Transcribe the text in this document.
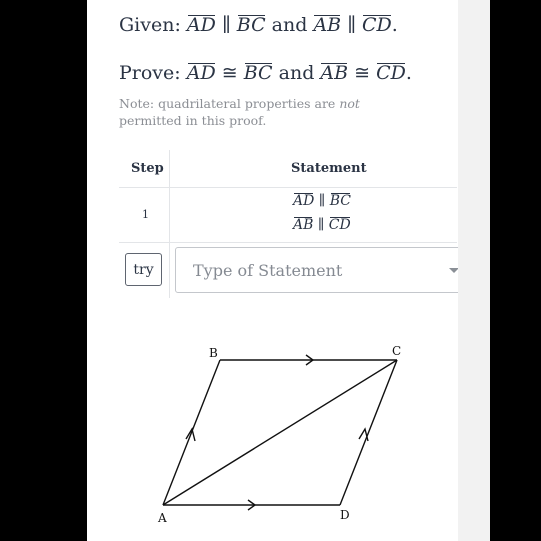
Given: AD ∥ BC and AB ∥ CD.
Prove: AD ≅ BC and AB ≅ CD.
Note: quadrilateral properties are not permitted in this proof.
Step	Statement
1
AD ∥ BC
AB ∥ CD
try	Type of Statement
B	C
A	D
